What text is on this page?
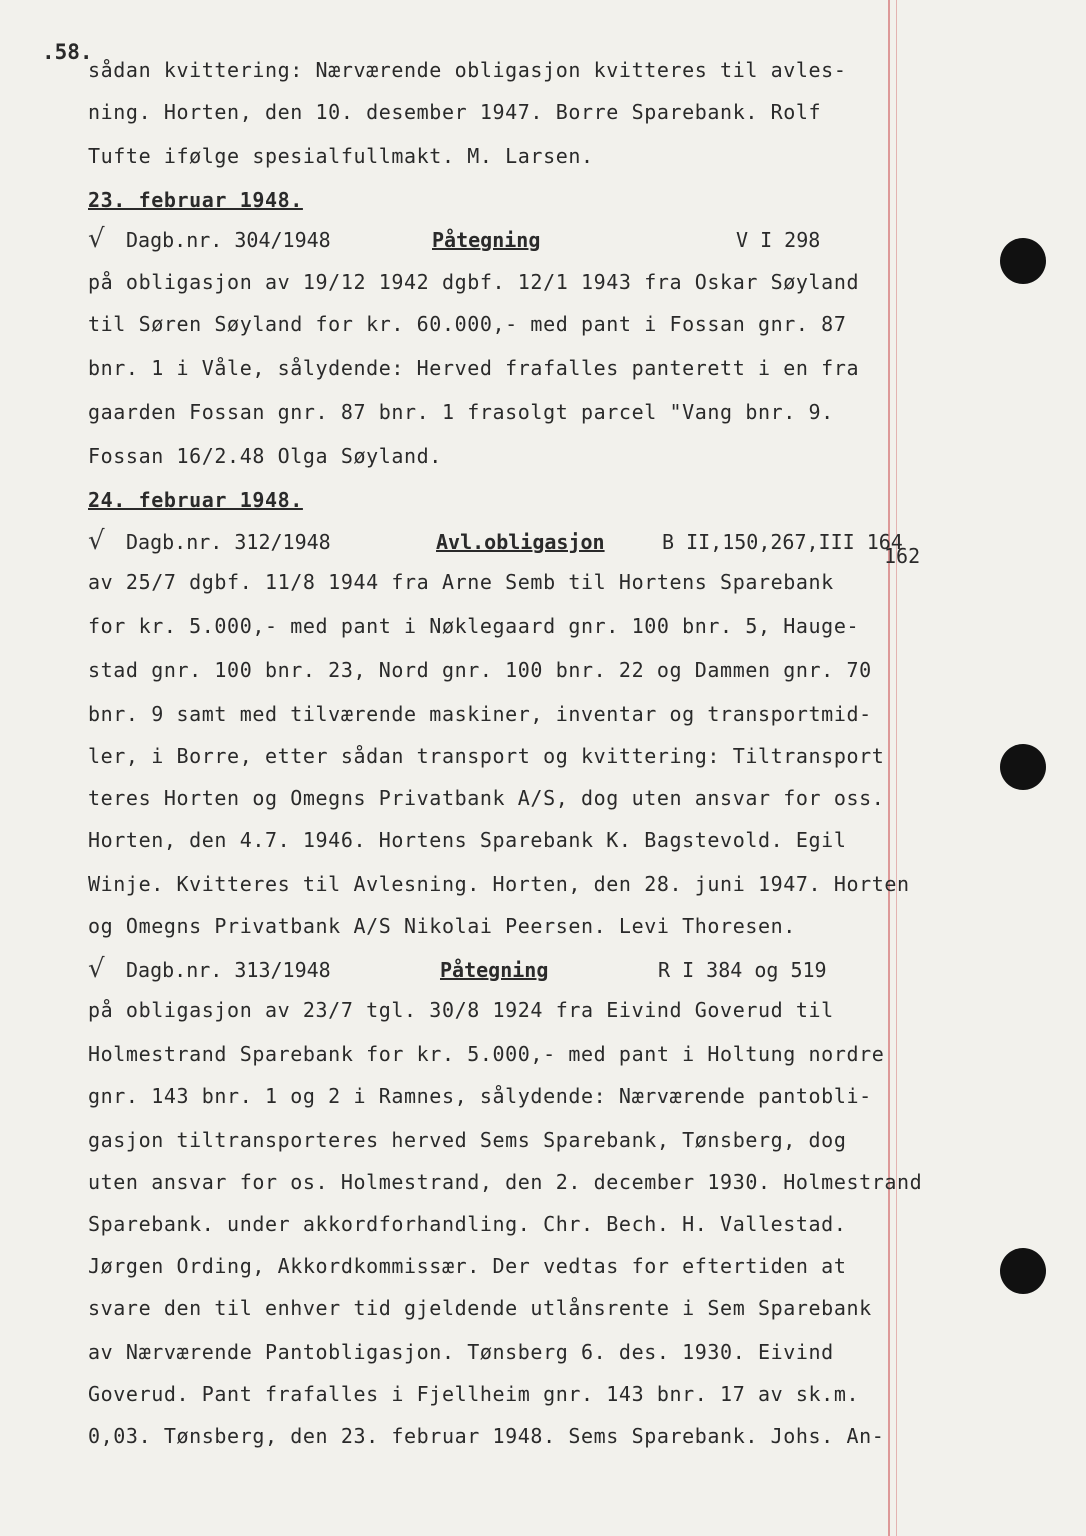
.58.
sådan kvittering: Nærværende obligasjon kvitteres til avles-
ning. Horten, den 10. desember 1947. Borre Sparebank. Rolf
Tufte ifølge spesialfullmakt. M. Larsen.
23. februar 1948.
√ Dagb.nr. 304/1948	Påtegning	V I 298
på obligasjon av 19/12 1942 dgbf. 12/1 1943 fra Oskar Søyland
til Søren Søyland for kr. 60.000,- med pant i Fossan gnr. 87
bnr. 1 i Våle, sålydende: Herved frafalles panterett i en fra
gaarden Fossan gnr. 87 bnr. 1 frasolgt parcel "Vang bnr. 9.
Fossan 16/2.48 Olga Søyland.
24. februar 1948.
√ Dagb.nr. 312/1948	Avl.obligasjon	B II,150,267,III 164
162
av 25/7 dgbf. 11/8 1944 fra Arne Semb til Hortens Sparebank
for kr. 5.000,- med pant i Nøklegaard gnr. 100 bnr. 5, Hauge-
stad gnr. 100 bnr. 23, Nord gnr. 100 bnr. 22 og Dammen gnr. 70
bnr. 9 samt med tilværende maskiner, inventar og transportmid-
ler, i Borre, etter sådan transport og kvittering: Tiltransport
teres Horten og Omegns Privatbank A/S, dog uten ansvar for oss.
Horten, den 4.7. 1946. Hortens Sparebank K. Bagstevold. Egil
Winje. Kvitteres til Avlesning. Horten, den 28. juni 1947. Horten
og Omegns Privatbank A/S Nikolai Peersen. Levi Thoresen.
√ Dagb.nr. 313/1948	Påtegning	R I 384 og 519
på obligasjon av 23/7 tgl. 30/8 1924 fra Eivind Goverud til
Holmestrand Sparebank for kr. 5.000,- med pant i Holtung nordre
gnr. 143 bnr. 1 og 2 i Ramnes, sålydende: Nærværende pantobli-
gasjon tiltransporteres herved Sems Sparebank, Tønsberg, dog
uten ansvar for os. Holmestrand, den 2. december 1930. Holmestrand
Sparebank. under akkordforhandling. Chr. Bech. H. Vallestad.
Jørgen Ording, Akkordkommissær. Der vedtas for eftertiden at
svare den til enhver tid gjeldende utlånsrente i Sem Sparebank
av Nærværende Pantobligasjon. Tønsberg 6. des. 1930. Eivind
Goverud. Pant frafalles i Fjellheim gnr. 143 bnr. 17 av sk.m.
0,03. Tønsberg, den 23. februar 1948. Sems Sparebank. Johs. An-
